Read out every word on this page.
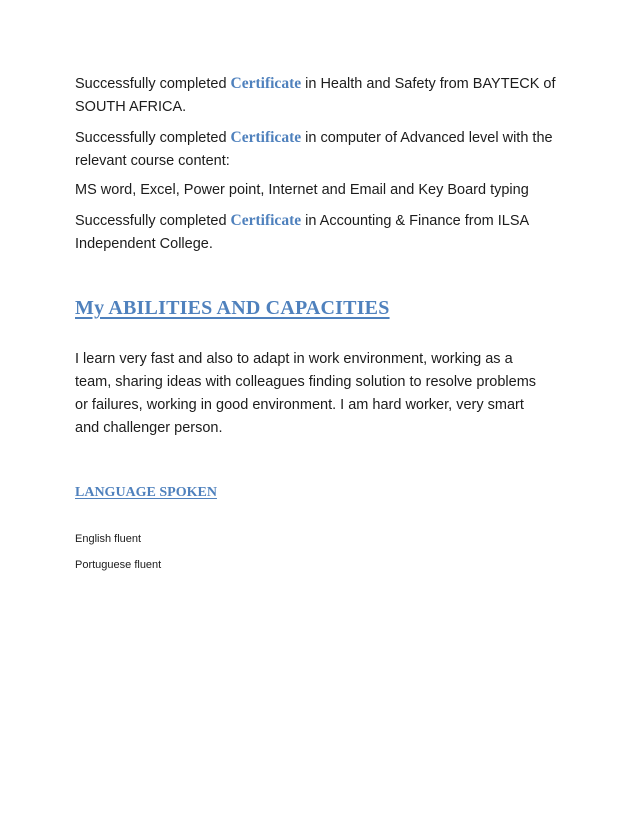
Successfully completed Certificate in Health and Safety from BAYTECK of SOUTH AFRICA.

Successfully completed Certificate in computer of Advanced level with the relevant course content:

MS word, Excel, Power point, Internet and Email and Key Board typing

Successfully completed Certificate in Accounting & Finance from ILSA Independent College.

My ABILITIES AND CAPACITIES

I learn very fast and also to adapt in work environment, working as a team, sharing ideas with colleagues finding solution to resolve problems or failures, working in good environment. I am hard worker, very smart and challenger person.

LANGUAGE SPOKEN

English fluent

Portuguese fluent
